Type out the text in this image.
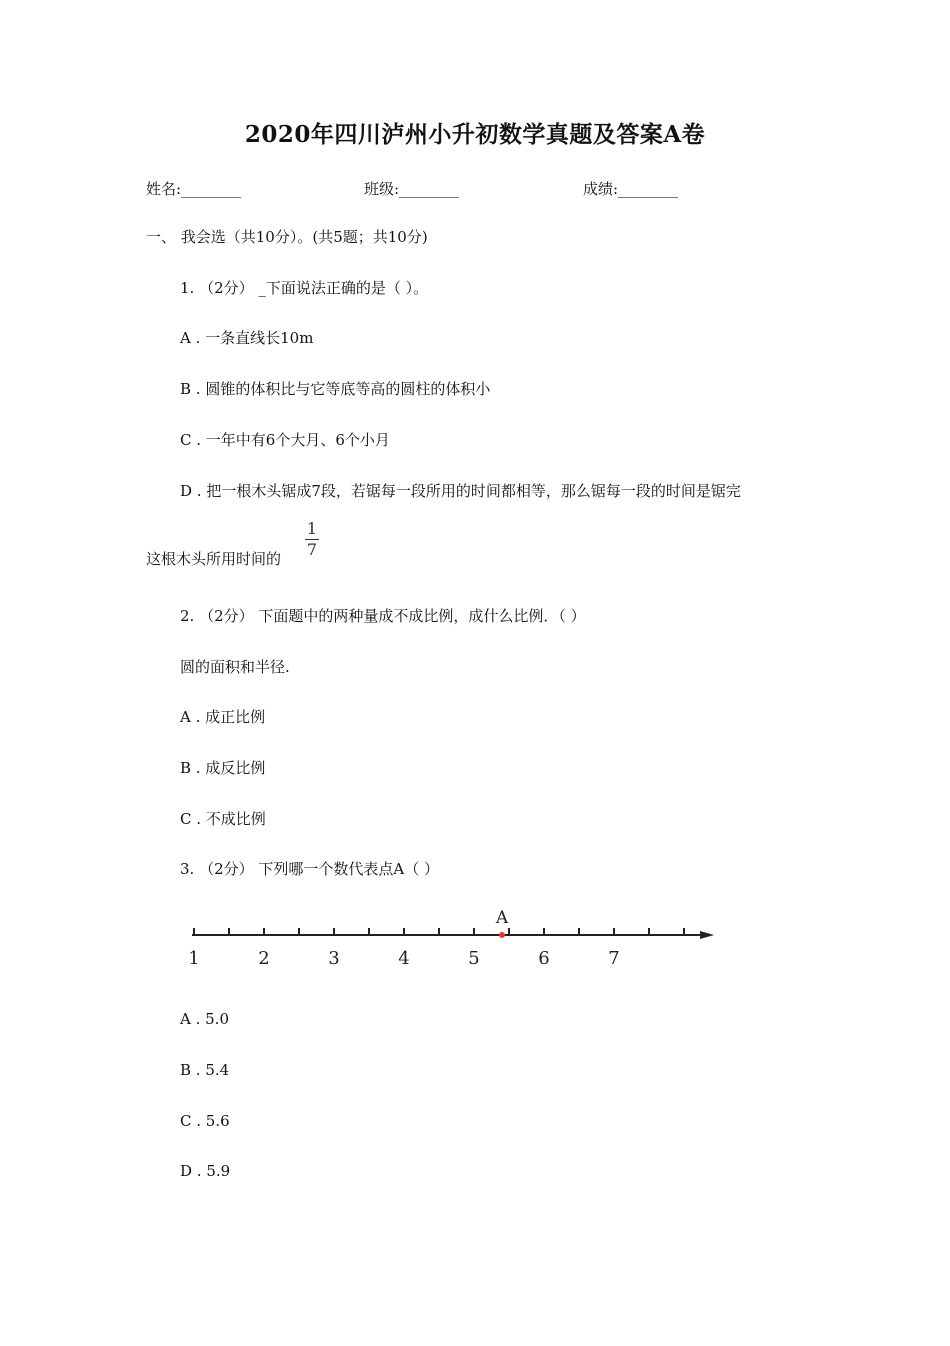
2020年四川泸州小升初数学真题及答案A卷
姓名:________	班级:________	成绩:________
一、 我会选（共10分）。(共5题；共10分)
1. （2分） _下面说法正确的是（ ）。
A . 一条直线长10m
B . 圆锥的体积比与它等底等高的圆柱的体积小
C . 一年中有6个大月、6个小月
D . 把一根木头锯成7段，若锯每一段所用的时间都相等，那么锯每一段的时间是锯完
这根木头所用时间的
1
7
2. （2分） 下面题中的两种量成不成比例，成什么比例．（ ）
圆的面积和半径.
A . 成正比例
B . 成反比例
C . 不成比例
3. （2分） 下列哪一个数代表点A（ ）
1	2	3	4	5	6	7
A
A . 5.0
B . 5.4
C . 5.6
D . 5.9
